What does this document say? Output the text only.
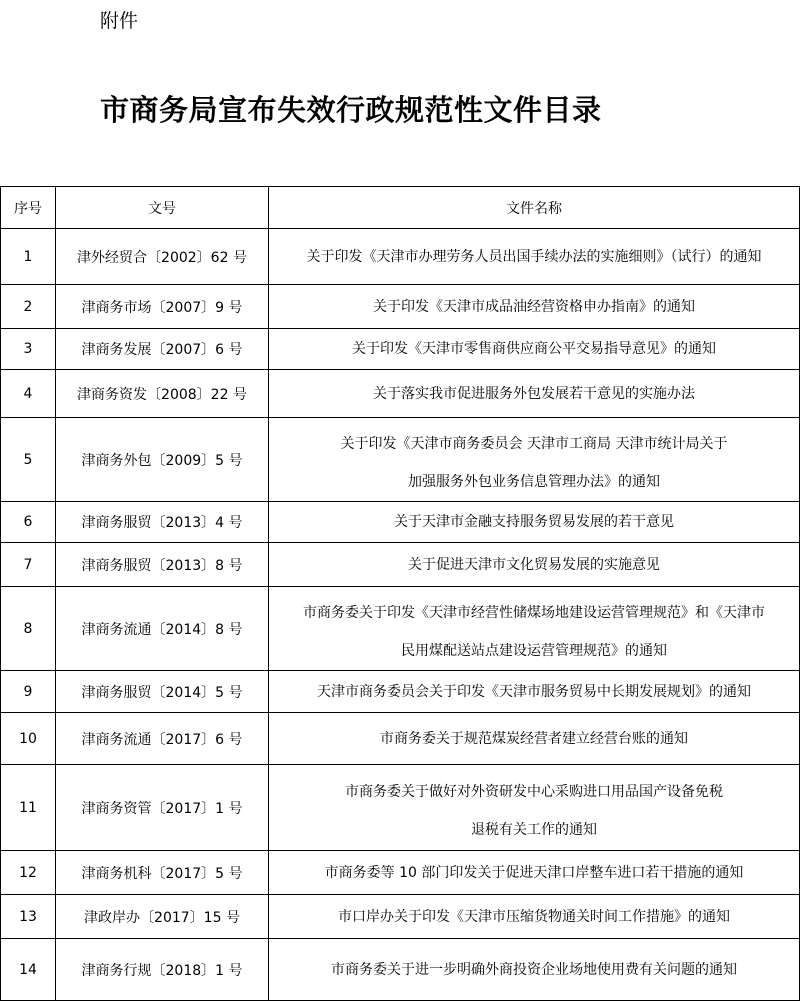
附件
市商务局宣布失效行政规范性文件目录
序号	文号	文件名称
1	津外经贸合〔2002〕62 号	关于印发《天津市办理劳务人员出国手续办法的实施细则》（试行）的通知

2	津商务市场〔2007〕9 号	关于印发《天津市成品油经营资格申办指南》的通知

3	津商务发展〔2007〕6 号	关于印发《天津市零售商供应商公平交易指导意见》的通知

4	津商务资发〔2008〕22 号	关于落实我市促进服务外包发展若干意见的实施办法

5	津商务外包〔2009〕5 号	关于印发《天津市商务委员会 天津市工商局 天津市统计局关于
加强服务外包业务信息管理办法》的通知

6	津商务服贸〔2013〕4 号	关于天津市金融支持服务贸易发展的若干意见

7	津商务服贸〔2013〕8 号	关于促进天津市文化贸易发展的实施意见

8	津商务流通〔2014〕8 号	市商务委关于印发《天津市经营性储煤场地建设运营管理规范》和《天津市
民用煤配送站点建设运营管理规范》的通知

9	津商务服贸〔2014〕5 号	天津市商务委员会关于印发《天津市服务贸易中长期发展规划》的通知

10	津商务流通〔2017〕6 号	市商务委关于规范煤炭经营者建立经营台账的通知

11	津商务资管〔2017〕1 号	市商务委关于做好对外资研发中心采购进口用品国产设备免税
退税有关工作的通知

12	津商务机科〔2017〕5 号	市商务委等 10 部门印发关于促进天津口岸整车进口若干措施的通知

13	津政岸办〔2017〕15 号	市口岸办关于印发《天津市压缩货物通关时间工作措施》的通知

14	津商务行规〔2018〕1 号	市商务委关于进一步明确外商投资企业场地使用费有关问题的通知
